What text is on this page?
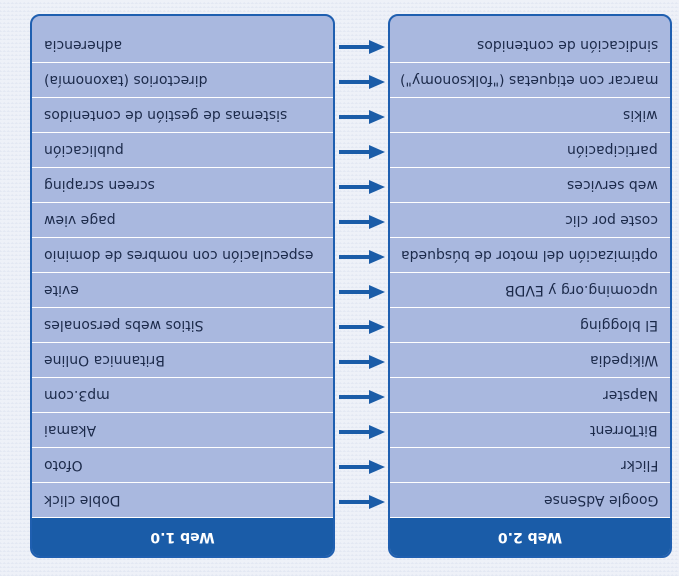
Web 1.0
Doble click
Ofoto
Akamai
mp3.com
Britannica Online
Sitios webs personales
evite
especulación con nombres de dominio
page view
screen scraping
publicación
sistemas de gestión de contenidos
directorios (taxonomía)
adherencia
Web 2.0
Google AdSense
Flickr
BitTorrent
Napster
Wikipedia
El blogging
upcoming.org y EVDB
optimización del motor de búsqueda
coste por clic
web services
participación
wikis
marcar con etiquetas ("folksonomy")
sindicación de contenidos
